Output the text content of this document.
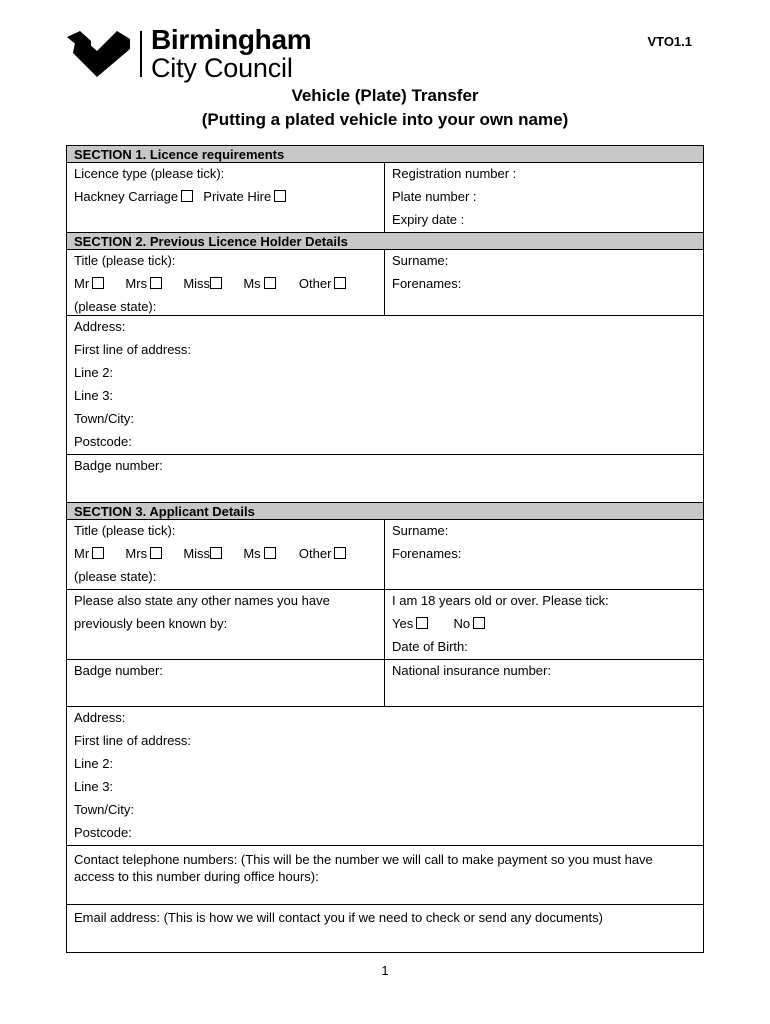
Birmingham
City Council
VTO1.1
Vehicle (Plate) Transfer
(Putting a plated vehicle into your own name)
SECTION 1. Licence requirements
Licence type (please tick):
Hackney Carriage Private Hire
Registration number :
Plate number :
Expiry date :
SECTION 2. Previous Licence Holder Details
Title (please tick):
Mr	Mrs	Miss	Ms	Other
(please state):
Surname:
Forenames:
Address:
First line of address:
Line 2:
Line 3:
Town/City:
Postcode:
Badge number:
SECTION 3. Applicant Details
Title (please tick):
Mr	Mrs	Miss	Ms	Other
(please state):
Surname:
Forenames:
Please also state any other names you have
previously been known by:
I am 18 years old or over. Please tick:
Yes	No
Date of Birth:
Badge number:	National insurance number:
Address:
First line of address:
Line 2:
Line 3:
Town/City:
Postcode:
Contact telephone numbers: (This will be the number we will call to make payment so you must have access to this number during office hours):
Email address: (This is how we will contact you if we need to check or send any documents)
1
